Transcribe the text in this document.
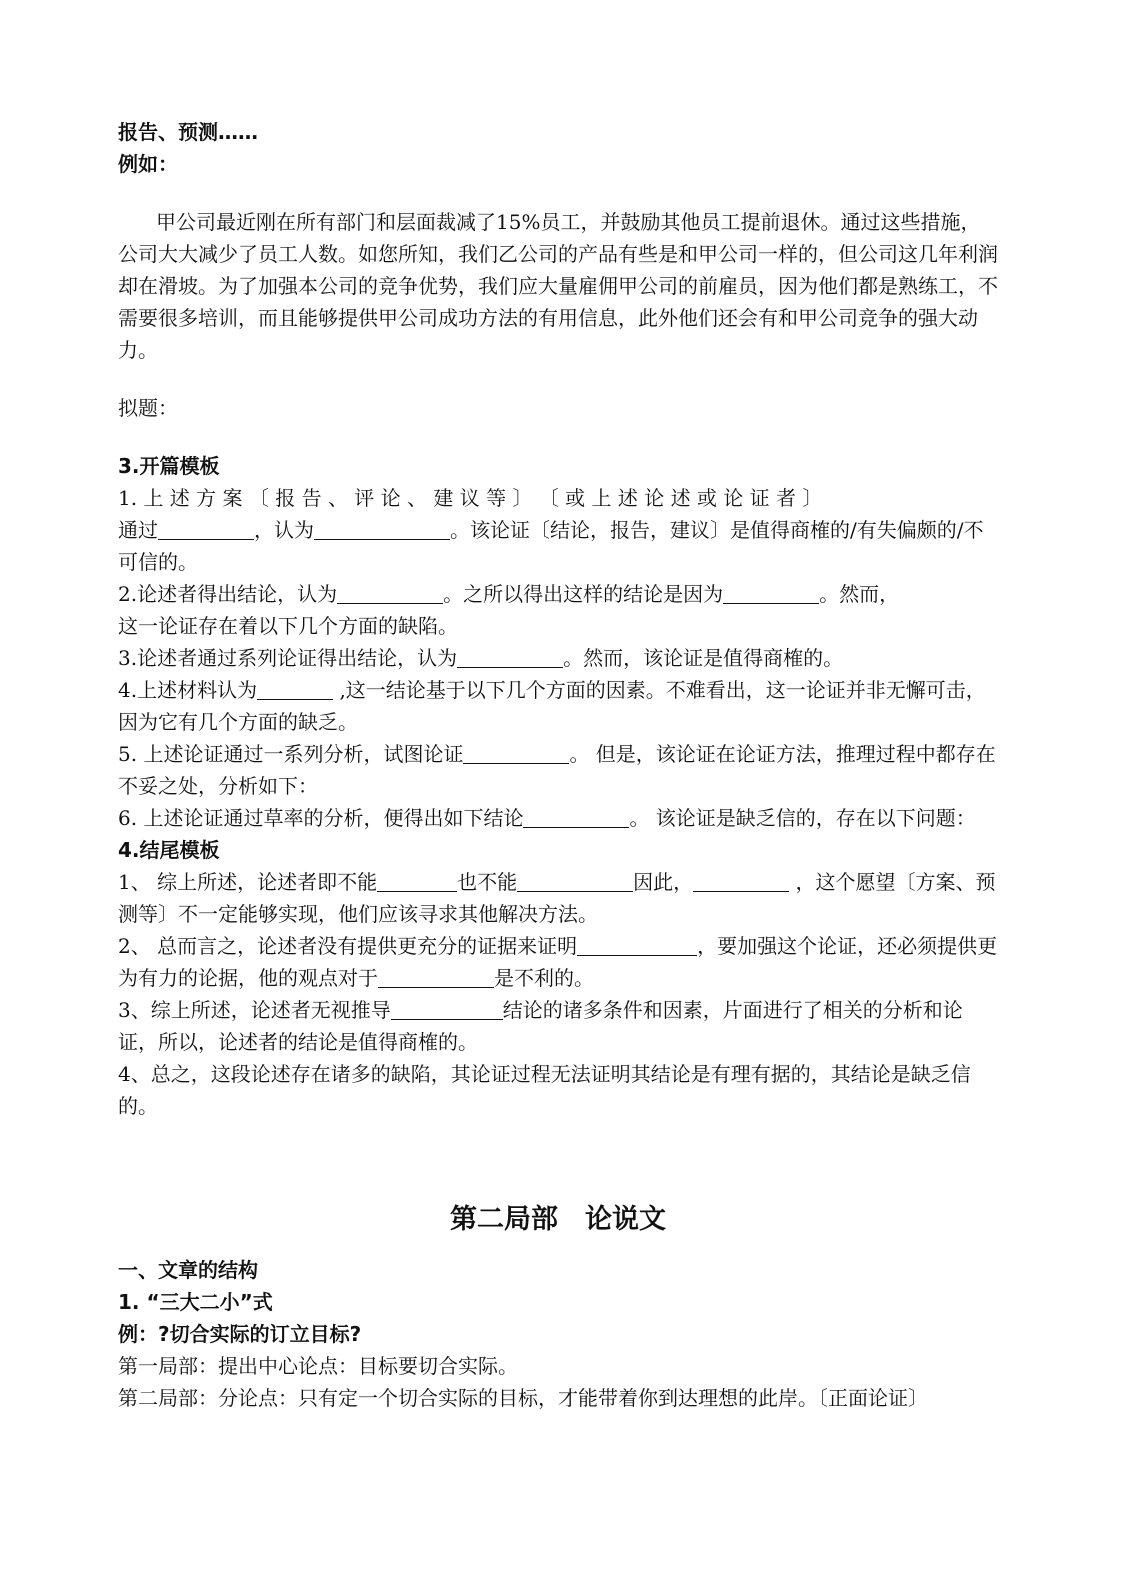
报告、预测……

例如：

甲公司最近刚在所有部门和层面裁减了15%员工，并鼓励其他员工提前退休。通过这些措施，公司大大减少了员工人数。如您所知，我们乙公司的产品有些是和甲公司一样的，但公司这几年利润却在滑坡。为了加强本公司的竞争优势，我们应大量雇佣甲公司的前雇员，因为他们都是熟练工，不需要很多培训，而且能够提供甲公司成功方法的有用信息，此外他们还会有和甲公司竞争的强大动力。

拟题：

3.开篇模板

1. 上 述 方 案 〔 报 告 、 评 论 、 建 议 等 〕 〔 或 上 述 论 述 或 论 证 者 〕
通过	，认为	。该论证〔结论，报告，建议〕是值得商榷的/有失偏颇的/不可信的。

2.论述者得出结论，认为	。之所以得出这样的结论是因为	。然而，
这一论证存在着以下几个方面的缺陷。

3.论述者通过系列论证得出结论，认为	。然而，该论证是值得商榷的。

4.上述材料认为	,这一结论基于以下几个方面的因素。不难看出，这一论证并非无懈可击，因为它有几个方面的缺乏。

5. 上述论证通过一系列分析，试图论证	。 但是，该论证在论证方法，推理过程中都存在不妥之处，分析如下：

6. 上述论证通过草率的分析，便得出如下结论	。 该论证是缺乏信的，存在以下问题：

4.结尾模板

1、 综上所述，论述者即不能	也不能	因此，	，这个愿望〔方案、预测等〕不一定能够实现，他们应该寻求其他解决方法。

2、 总而言之，论述者没有提供更充分的证据来证明	，要加强这个论证，还必须提供更为有力的论据，他的观点对于	是不利的。

3、综上所述，论述者无视推导	结论的诸多条件和因素，片面进行了相关的分析和论证，所以，论述者的结论是值得商榷的。

4、总之，这段论述存在诸多的缺陷，其论证过程无法证明其结论是有理有据的，其结论是缺乏信的。

第二局部　论说文

一、文章的结构

1. “三大二小”式

例：?切合实际的订立目标?

第一局部：提出中心论点：目标要切合实际。

第二局部：分论点：只有定一个切合实际的目标，才能带着你到达理想的此岸。〔正面论证〕
